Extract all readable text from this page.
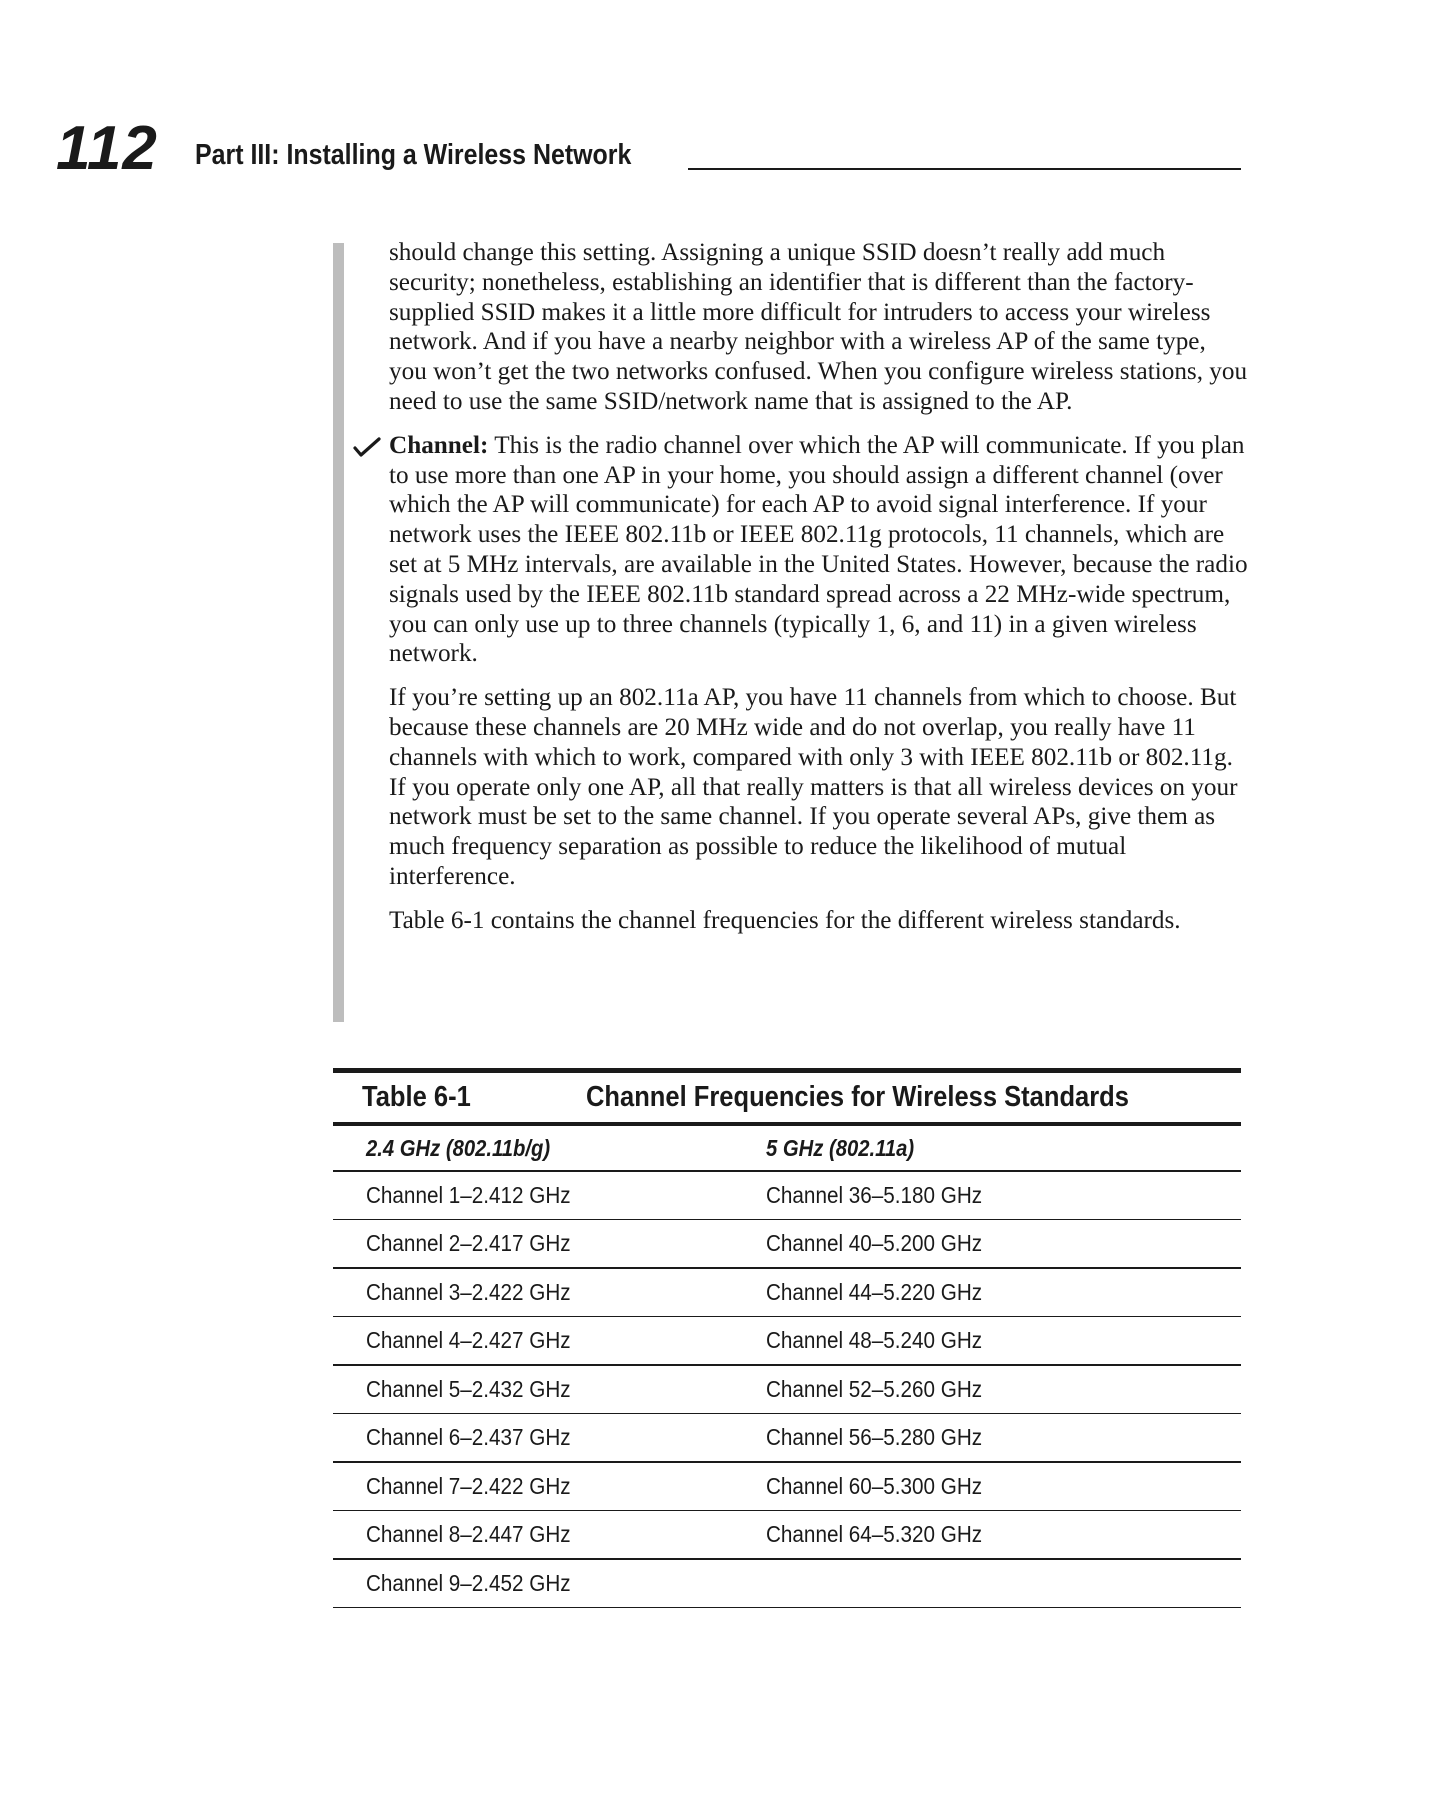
112 Part III: Installing a Wireless Network

should change this setting. Assigning a unique SSID doesn’t really add much security; nonetheless, establishing an identifier that is different than the factory-supplied SSID makes it a little more difficult for intruders to access your wireless network. And if you have a nearby neighbor with a wireless AP of the same type, you won’t get the two networks confused. When you configure wireless stations, you need to use the same SSID/network name that is assigned to the AP.

Channel: This is the radio channel over which the AP will communicate. If you plan to use more than one AP in your home, you should assign a different channel (over which the AP will communicate) for each AP to avoid signal interference. If your network uses the IEEE 802.11b or IEEE 802.11g protocols, 11 channels, which are set at 5 MHz intervals, are available in the United States. However, because the radio signals used by the IEEE 802.11b standard spread across a 22 MHz-wide spectrum, you can only use up to three channels (typically 1, 6, and 11) in a given wireless network.

If you’re setting up an 802.11a AP, you have 11 channels from which to choose. But because these channels are 20 MHz wide and do not overlap, you really have 11 channels with which to work, compared with only 3 with IEEE 802.11b or 802.11g. If you operate only one AP, all that really matters is that all wireless devices on your network must be set to the same channel. If you operate several APs, give them as much frequency separation as possible to reduce the likelihood of mutual interference.

Table 6-1 contains the channel frequencies for the different wireless standards.

Table 6-1	Channel Frequencies for Wireless Standards
2.4 GHz (802.11b/g)	5 GHz (802.11a)
Channel 1–2.412 GHz	Channel 36–5.180 GHz
Channel 2–2.417 GHz	Channel 40–5.200 GHz
Channel 3–2.422 GHz	Channel 44–5.220 GHz
Channel 4–2.427 GHz	Channel 48–5.240 GHz
Channel 5–2.432 GHz	Channel 52–5.260 GHz
Channel 6–2.437 GHz	Channel 56–5.280 GHz
Channel 7–2.422 GHz	Channel 60–5.300 GHz
Channel 8–2.447 GHz	Channel 64–5.320 GHz
Channel 9–2.452 GHz
